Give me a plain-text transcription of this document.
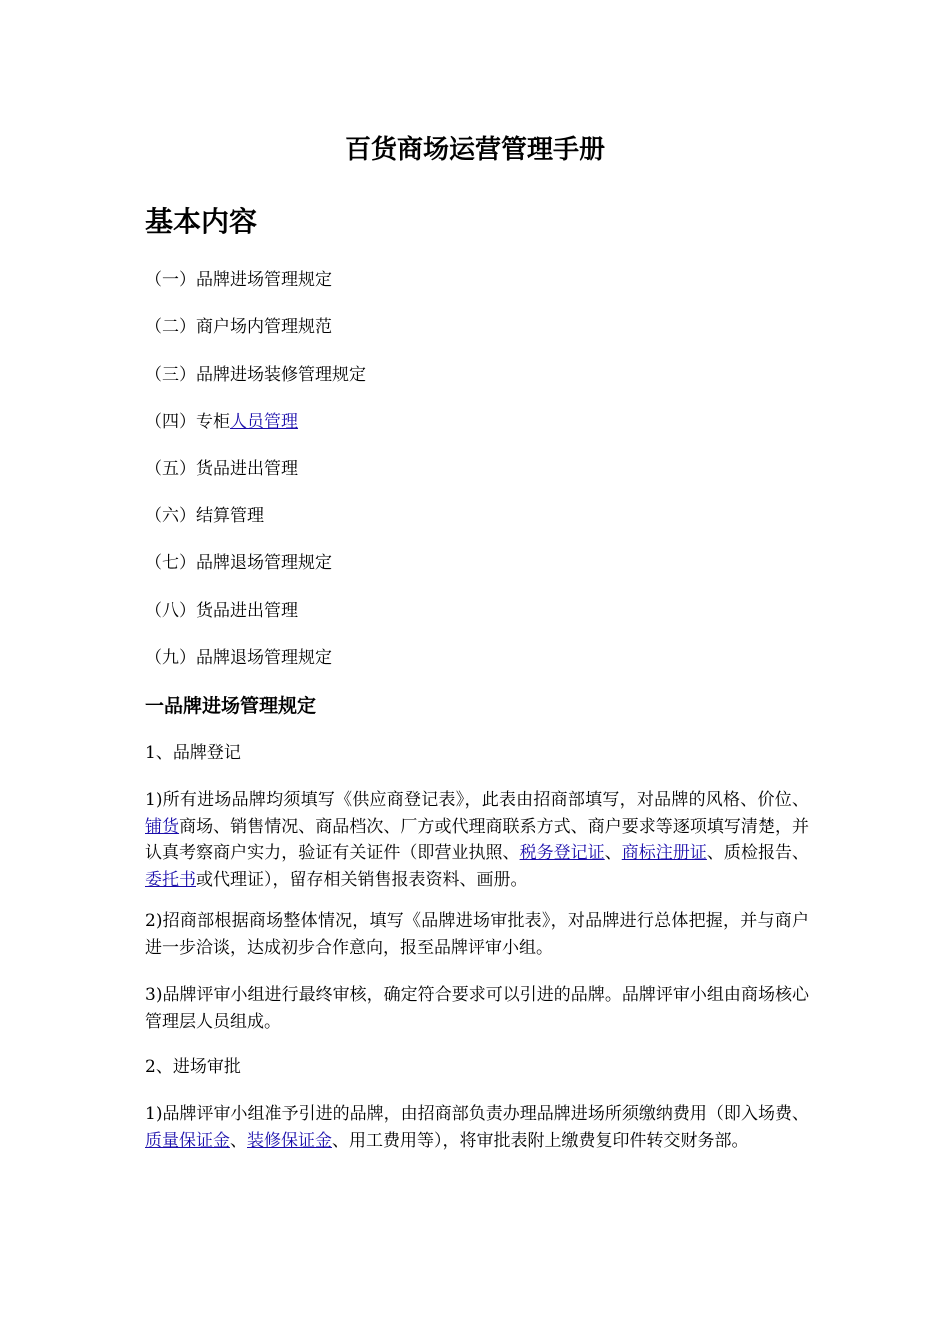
百货商场运营管理手册
基本内容
（一）品牌进场管理规定
（二）商户场内管理规范
（三）品牌进场装修管理规定
（四）专柜人员管理
（五）货品进出管理
（六）结算管理
（七）品牌退场管理规定
（八）货品进出管理
（九）品牌退场管理规定
一品牌进场管理规定
1、品牌登记
1)所有进场品牌均须填写《供应商登记表》，此表由招商部填写，对品牌的风格、价位、铺货商场、销售情况、商品档次、厂方或代理商联系方式、商户要求等逐项填写清楚，并认真考察商户实力，验证有关证件（即营业执照、税务登记证、商标注册证、质检报告、委托书或代理证），留存相关销售报表资料、画册。
2)招商部根据商场整体情况，填写《品牌进场审批表》，对品牌进行总体把握，并与商户进一步洽谈，达成初步合作意向，报至品牌评审小组。
3)品牌评审小组进行最终审核，确定符合要求可以引进的品牌。品牌评审小组由商场核心管理层人员组成。
2、进场审批
1)品牌评审小组准予引进的品牌，由招商部负责办理品牌进场所须缴纳费用（即入场费、质量保证金、装修保证金、用工费用等），将审批表附上缴费复印件转交财务部。
